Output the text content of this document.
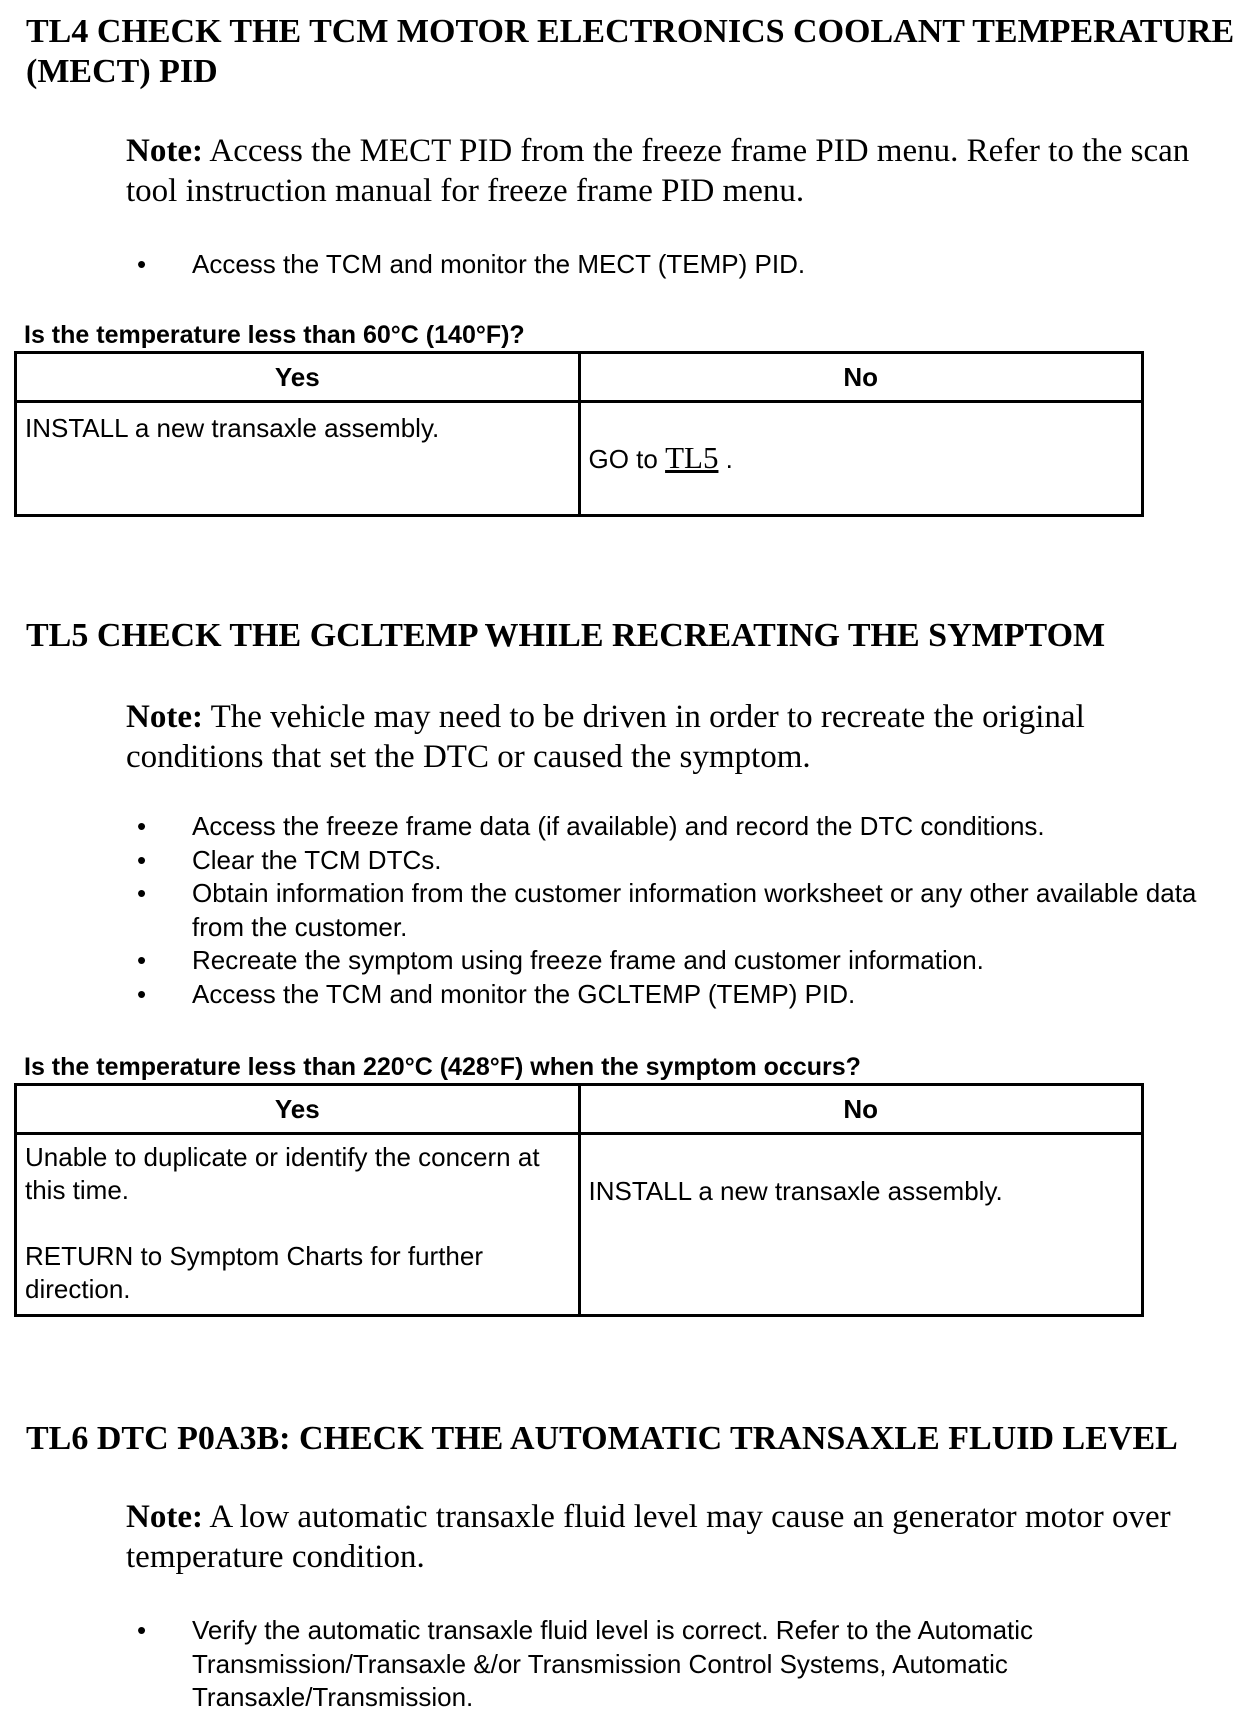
TL4 CHECK THE TCM MOTOR ELECTRONICS COOLANT TEMPERATURE
(MECT) PID

Note: Access the MECT PID from the freeze frame PID menu. Refer to the scan tool instruction manual for freeze frame PID menu.

• Access the TCM and monitor the MECT (TEMP) PID.

Is the temperature less than 60°C (140°F)?

Yes	No
INSTALL a new transaxle assembly.	GO to TL5 .
TL5 CHECK THE GCLTEMP WHILE RECREATING THE SYMPTOM

Note: The vehicle may need to be driven in order to recreate the original conditions that set the DTC or caused the symptom.

• Access the freeze frame data (if available) and record the DTC conditions.
• Clear the TCM DTCs.
• Obtain information from the customer information worksheet or any other available data from the customer.
• Recreate the symptom using freeze frame and customer information.
• Access the TCM and monitor the GCLTEMP (TEMP) PID.

Is the temperature less than 220°C (428°F) when the symptom occurs?

Yes	No
Unable to duplicate or identify the concern at this time.
RETURN to Symptom Charts for further direction.	INSTALL a new transaxle assembly.
TL6 DTC P0A3B: CHECK THE AUTOMATIC TRANSAXLE FLUID LEVEL

Note: A low automatic transaxle fluid level may cause an generator motor over temperature condition.

• Verify the automatic transaxle fluid level is correct. Refer to the Automatic Transmission/Transaxle &/or Transmission Control Systems, Automatic Transaxle/Transmission.
